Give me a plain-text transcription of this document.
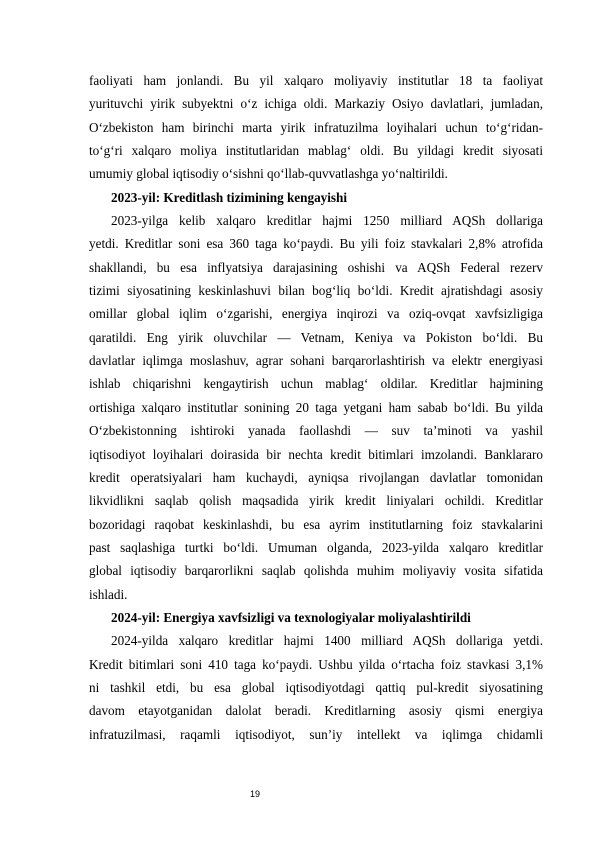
faoliyati ham jonlandi. Bu yil xalqaro moliyaviy institutlar 18 ta faoliyat
yurituvchi yirik subyektni o‘z ichiga oldi. Markaziy Osiyo davlatlari, jumladan,
O‘zbekiston ham birinchi marta yirik infratuzilma loyihalari uchun to‘g‘ridan-
to‘g‘ri xalqaro moliya institutlaridan mablag‘ oldi. Bu yildagi kredit siyosati
umumiy global iqtisodiy o‘sishni qo‘llab-quvvatlashga yo‘naltirildi.
2023-yil: Kreditlash tizimining kengayishi
2023-yilga kelib xalqaro kreditlar hajmi 1250 milliard AQSh dollariga
yetdi. Kreditlar soni esa 360 taga ko‘paydi. Bu yili foiz stavkalari 2,8% atrofida
shakllandi, bu esa inflyatsiya darajasining oshishi va AQSh Federal rezerv
tizimi siyosatining keskinlashuvi bilan bog‘liq bo‘ldi. Kredit ajratishdagi asosiy
omillar global iqlim o‘zgarishi, energiya inqirozi va oziq-ovqat xavfsizligiga
qaratildi. Eng yirik oluvchilar — Vetnam, Keniya va Pokiston bo‘ldi. Bu
davlatlar iqlimga moslashuv, agrar sohani barqarorlashtirish va elektr energiyasi
ishlab chiqarishni kengaytirish uchun mablag‘ oldilar. Kreditlar hajmining
ortishiga xalqaro institutlar sonining 20 taga yetgani ham sabab bo‘ldi. Bu yilda
O‘zbekistonning ishtiroki yanada faollashdi — suv ta’minoti va yashil
iqtisodiyot loyihalari doirasida bir nechta kredit bitimlari imzolandi. Banklararo
kredit operatsiyalari ham kuchaydi, ayniqsa rivojlangan davlatlar tomonidan
likvidlikni saqlab qolish maqsadida yirik kredit liniyalari ochildi. Kreditlar
bozoridagi raqobat keskinlashdi, bu esa ayrim institutlarning foiz stavkalarini
past saqlashiga turtki bo‘ldi. Umuman olganda, 2023-yilda xalqaro kreditlar
global iqtisodiy barqarorlikni saqlab qolishda muhim moliyaviy vosita sifatida
ishladi.
2024-yil: Energiya xavfsizligi va texnologiyalar moliyalashtirildi
2024-yilda xalqaro kreditlar hajmi 1400 milliard AQSh dollariga yetdi.
Kredit bitimlari soni 410 taga ko‘paydi. Ushbu yilda o‘rtacha foiz stavkasi 3,1%
ni tashkil etdi, bu esa global iqtisodiyotdagi qattiq pul-kredit siyosatining
davom etayotganidan dalolat beradi. Kreditlarning asosiy qismi energiya
infratuzilmasi, raqamli iqtisodiyot, sun’iy intellekt va iqlimga chidamli
19
